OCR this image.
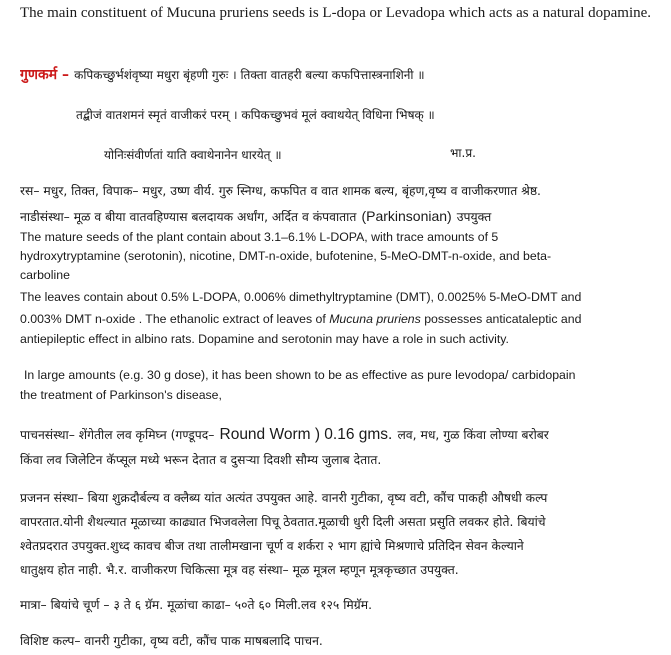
The main constituent of Mucuna pruriens seeds is L-dopa or Levadopa which acts as a natural dopamine.
गुणकर्म – कपिकच्छुर्भशंवृष्या मधुरा बृंहणी गुरुः । तिक्ता वातहरी बल्या कफपित्तास्त्रनाशिनी ॥
तद्बीजं वातशमनं स्मृतं वाजीकरं परम् । कपिकच्छुभवं मूलं क्वाथयेत् विधिना भिषक् ॥
योनिःसंवीर्णतां याति क्वाथेनानेन धारयेत् ॥	भा.प्र.
रस– मधुर, तिक्त, विपाक– मधुर, उष्ण वीर्य. गुरु स्निग्ध, कफपित व वात शामक बल्य, बृंहण,वृष्य व वाजीकरणात श्रेष्ठ.
नाडीसंस्था– मूळ व बीया वातवहिण्यास बलदायक अर्धांग, अर्दित व कंपवातात (Parkinsonian) उपयुक्त
The mature seeds of the plant contain about 3.1–6.1% L-DOPA, with trace amounts of 5
hydroxytryptamine (serotonin), nicotine, DMT-n-oxide, bufotenine, 5-MeO-DMT-n-oxide, and beta-
carboline
The leaves contain about 0.5% L-DOPA, 0.006% dimethyltryptamine (DMT), 0.0025% 5-MeO-DMT and
0.003% DMT n-oxide . The ethanolic extract of leaves of Mucuna pruriens possesses anticataleptic and
antiepileptic effect in albino rats. Dopamine and serotonin may have a role in such activity.
In large amounts (e.g. 30 g dose), it has been shown to be as effective as pure levodopa/ carbidopain
the treatment of Parkinson's disease,
पाचनसंस्था– शेंगेतील लव कृमिघ्न (गण्डूपद– Round Worm ) 0.16 gms. लव, मध, गुळ किंवा लोण्या बरोबर
किंवा लव जिलेटिन कॅप्सूल मध्ये भरून देतात व दुसऱ्या दिवशी सौम्य जुलाब देतात.
प्रजनन संस्था– बिया शुक्रदौर्बल्य व क्लैब्य यांत अत्यंत उपयुक्त आहे. वानरी गुटीका, वृष्य वटी, कौंच पाकही औषधी कल्प
वापरतात.योनी शैथल्यात मूळाच्या काढ्यात भिजवलेला पिचू ठेवतात.मूळाची धुरी दिली असता प्रसुति लवकर होते. बियांचे
श्वेतप्रदरात उपयुक्त.शुध्द कावच बीज तथा तालीमखाना चूर्ण व शर्करा २ भाग ह्यांचे मिश्रणाचे प्रतिदिन सेवन केल्याने
धातुक्षय होत नाही. भै.र. वाजीकरण चिकित्सा मूत्र वह संस्था– मूळ मूत्रल म्हणून मूत्रकृच्छात उपयुक्त.
मात्रा– बियांचे चूर्ण – ३ ते ६ ग्रॅम. मूळांचा काढा– ५०ते ६० मिली.लव १२५ मिग्रॅम.
विशिष्ट कल्प– वानरी गुटीका, वृष्य वटी, कौंच पाक माषबलादि पाचन.
